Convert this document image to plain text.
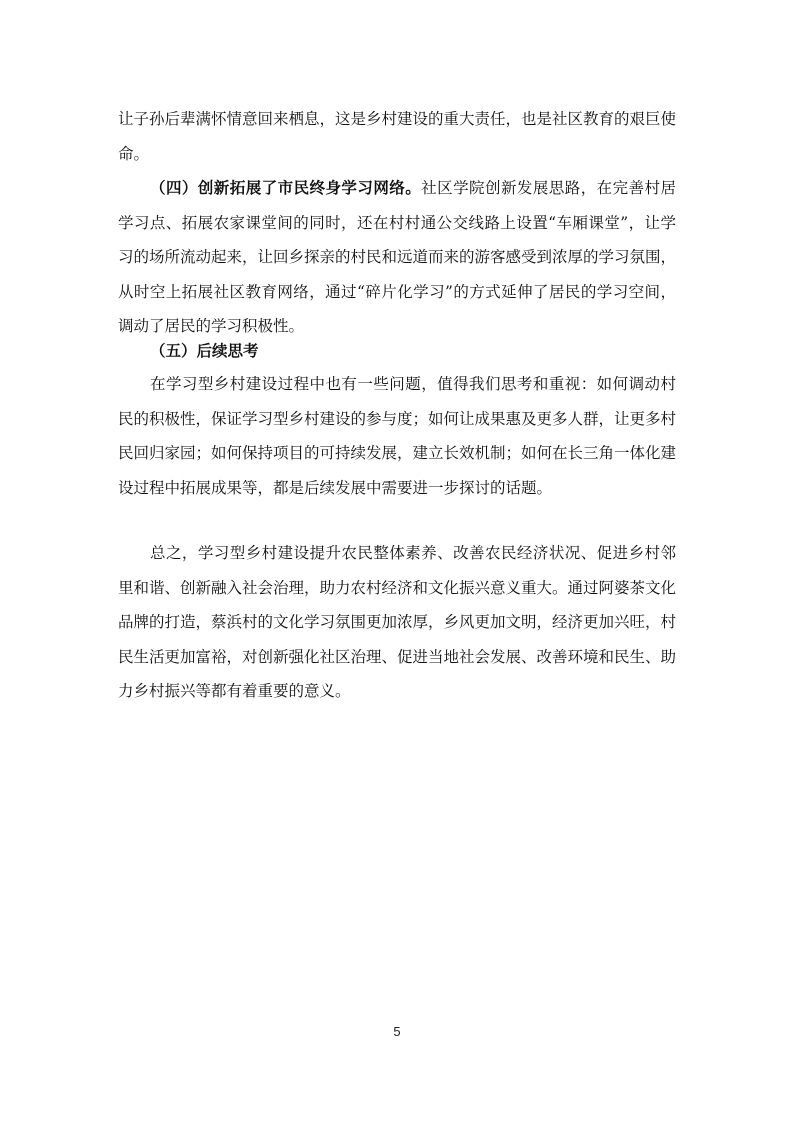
让子孙后辈满怀情意回来栖息，这是乡村建设的重大责任，也是社区教育的艰巨使命。

（四）创新拓展了市民终身学习网络。社区学院创新发展思路，在完善村居学习点、拓展农家课堂间的同时，还在村村通公交线路上设置“车厢课堂”，让学习的场所流动起来，让回乡探亲的村民和远道而来的游客感受到浓厚的学习氛围，从时空上拓展社区教育网络，通过“碎片化学习”的方式延伸了居民的学习空间，调动了居民的学习积极性。

（五）后续思考

在学习型乡村建设过程中也有一些问题，值得我们思考和重视：如何调动村民的积极性，保证学习型乡村建设的参与度；如何让成果惠及更多人群，让更多村民回归家园；如何保持项目的可持续发展，建立长效机制；如何在长三角一体化建设过程中拓展成果等，都是后续发展中需要进一步探讨的话题。

总之，学习型乡村建设提升农民整体素养、改善农民经济状况、促进乡村邻里和谐、创新融入社会治理，助力农村经济和文化振兴意义重大。通过阿婆茶文化品牌的打造，蔡浜村的文化学习氛围更加浓厚，乡风更加文明，经济更加兴旺，村民生活更加富裕，对创新强化社区治理、促进当地社会发展、改善环境和民生、助力乡村振兴等都有着重要的意义。

5
